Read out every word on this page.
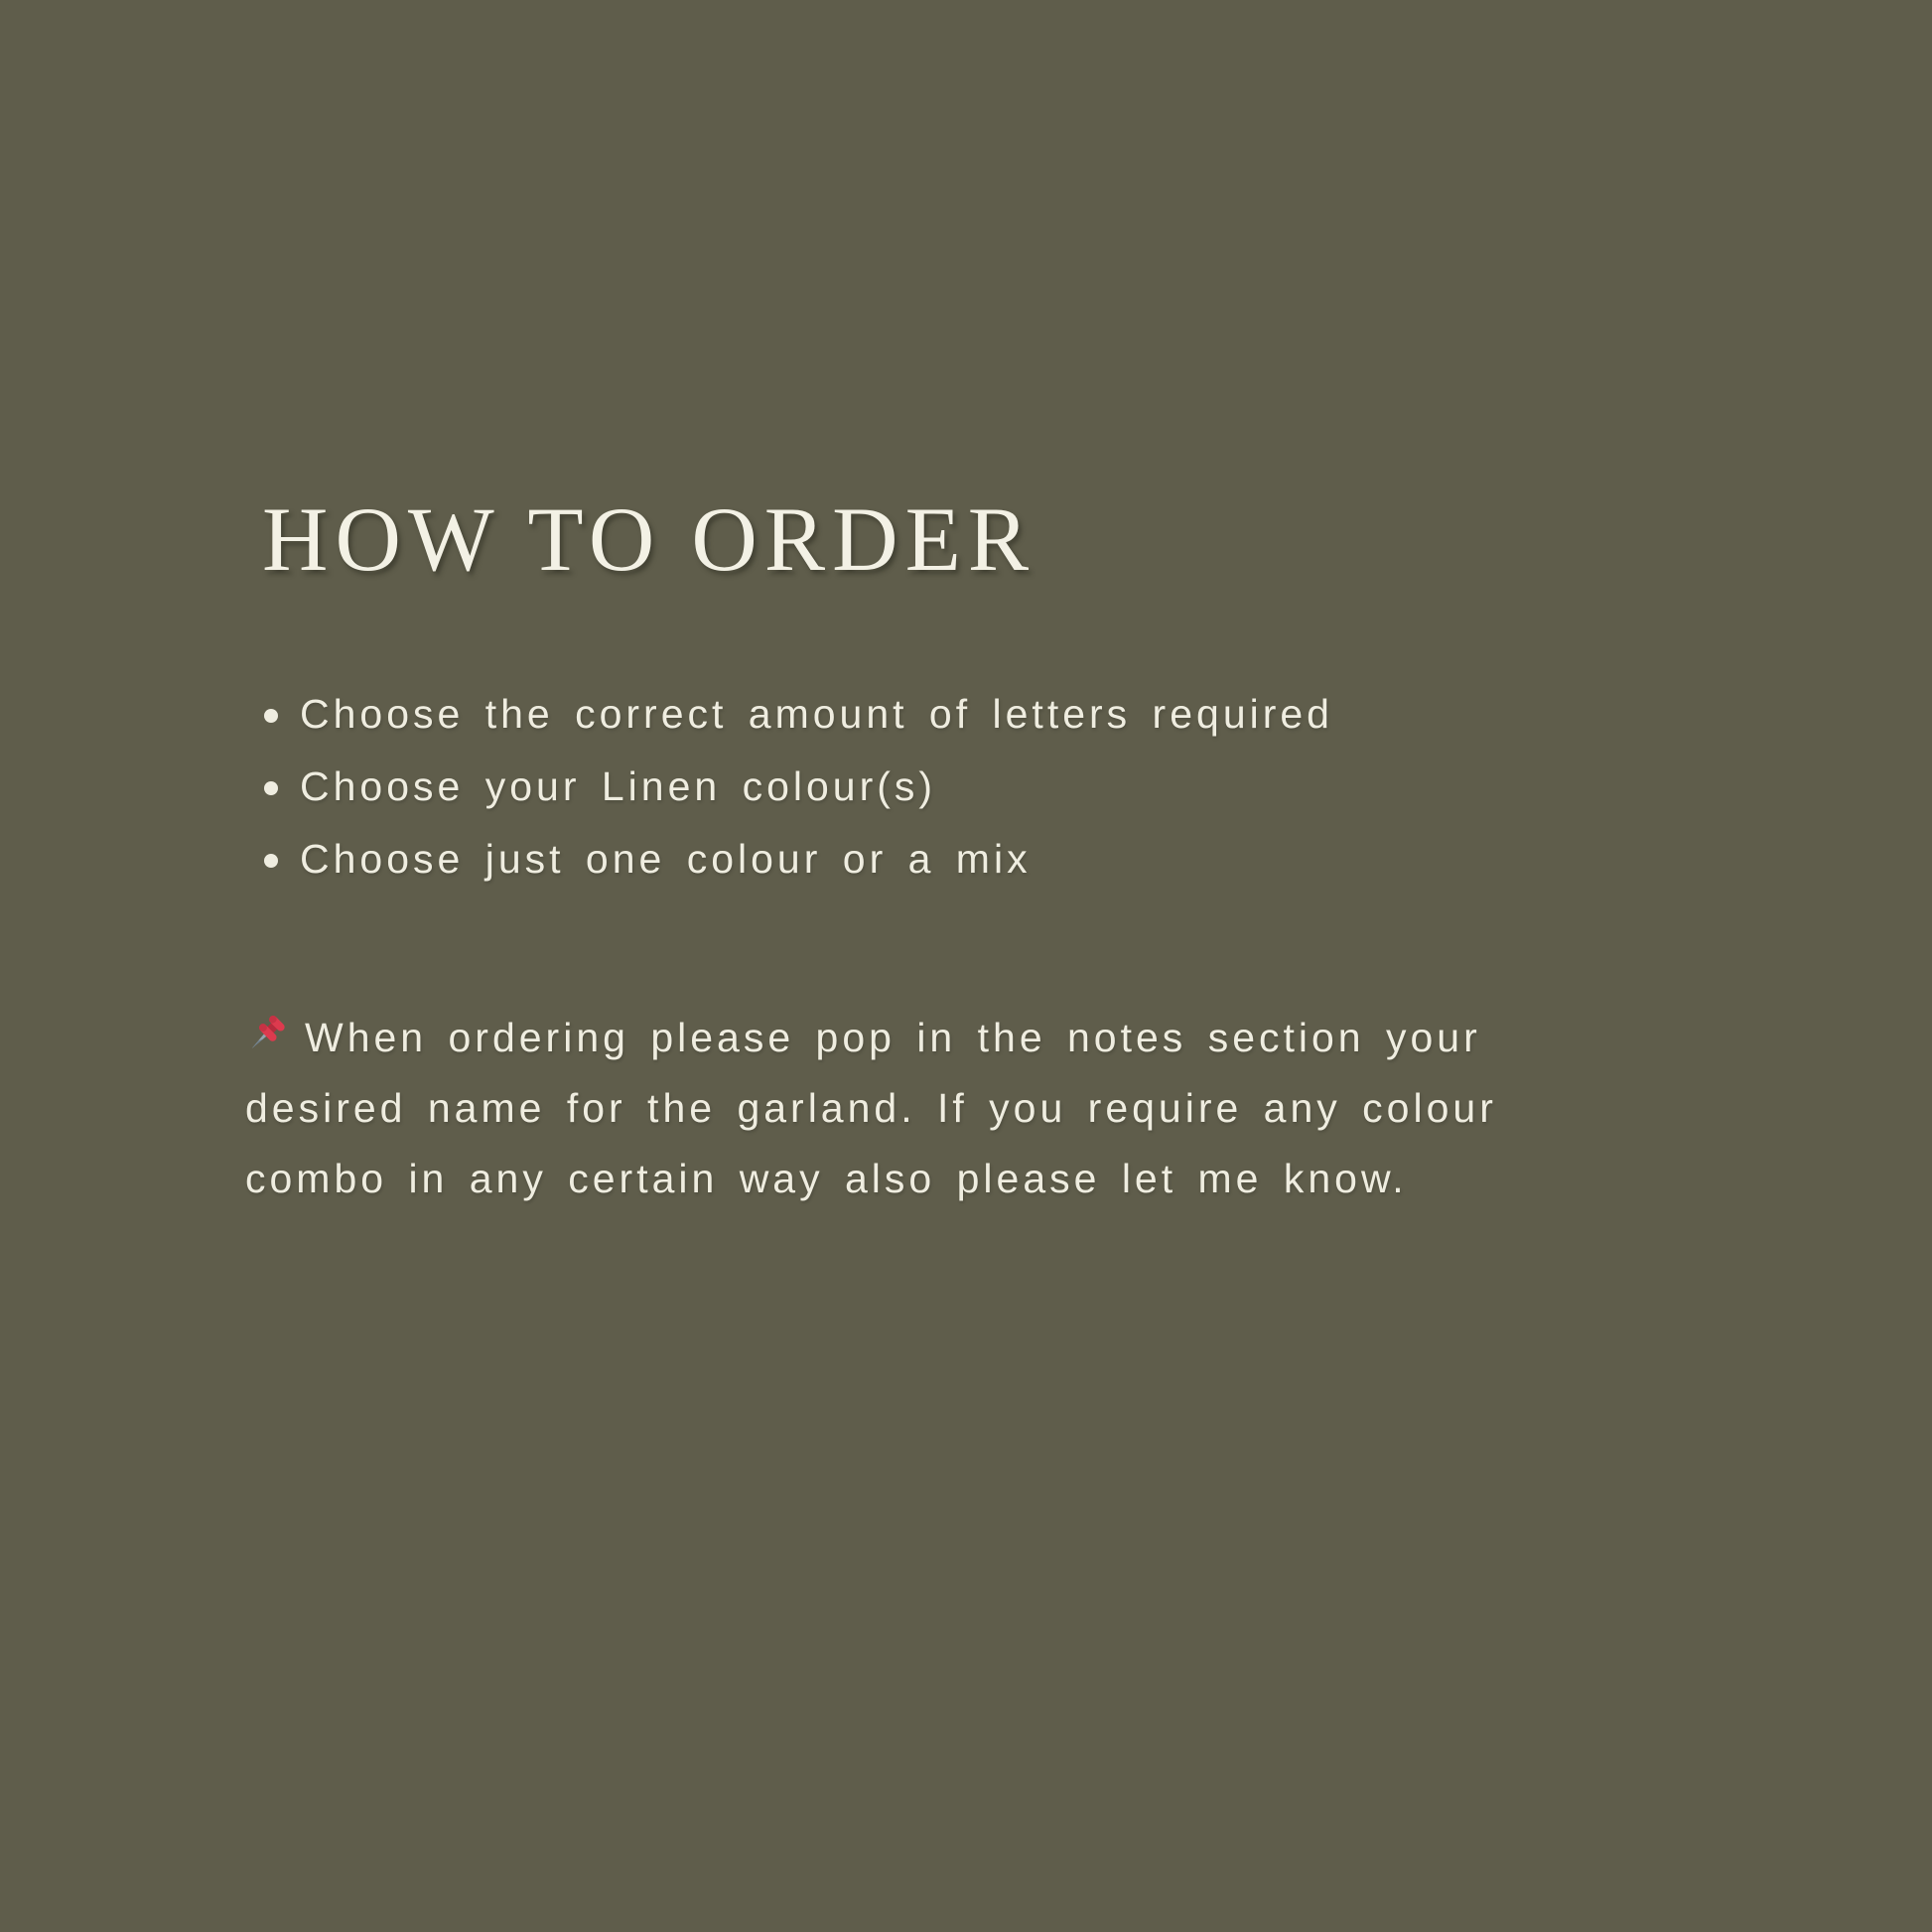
HOW TO ORDER
Choose the correct amount of letters required
Choose your Linen colour(s)
Choose just one colour or a mix
When ordering please pop in the notes section your
desired name for the garland. If you require any colour
combo in any certain way also please let me know.
